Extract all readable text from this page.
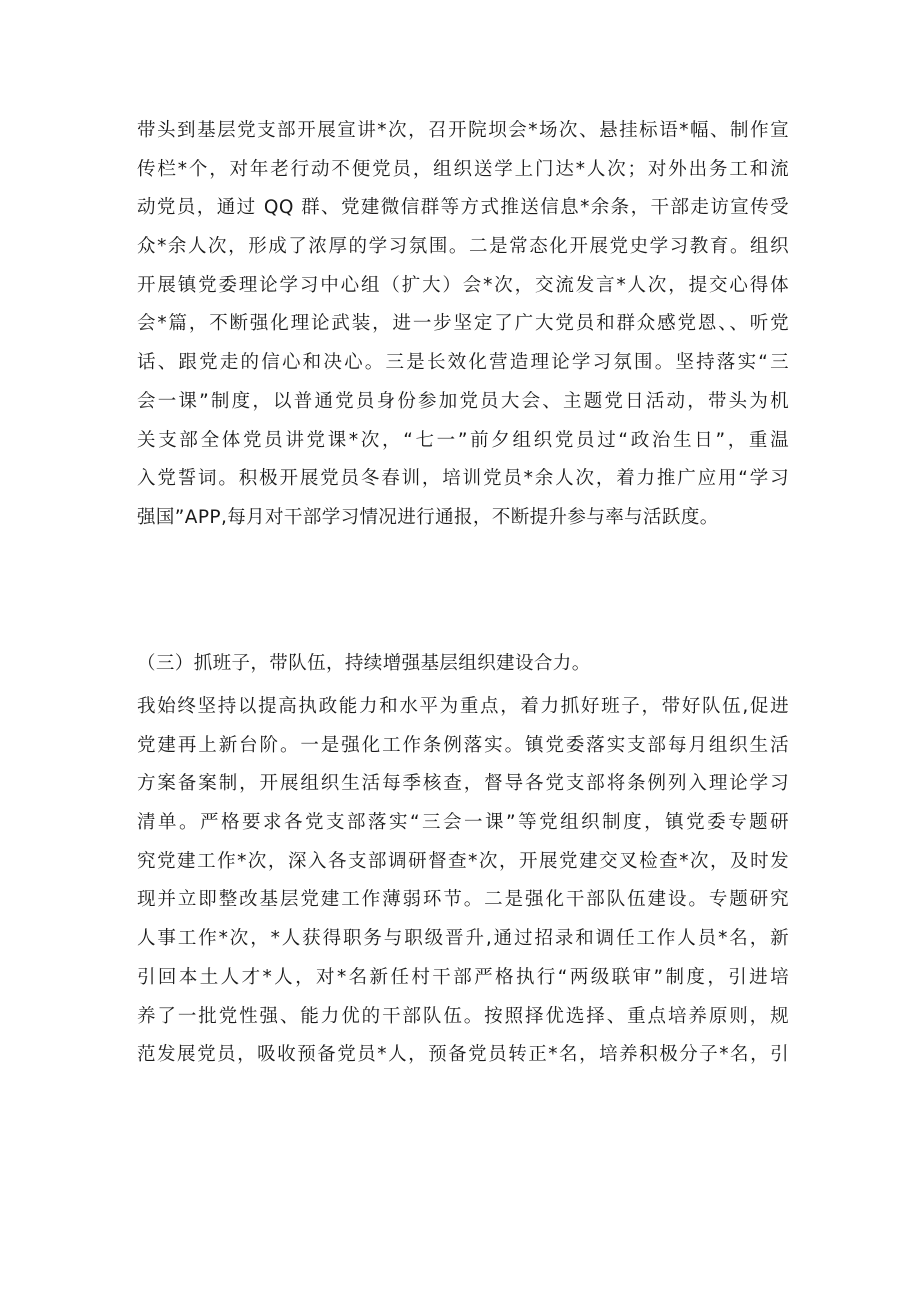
带头到基层党支部开展宣讲*次，召开院坝会*场次、悬挂标语*幅、制作宣
传栏*个，对年老行动不便党员，组织送学上门达*人次；对外出务工和流
动党员，通过 QQ 群、党建微信群等方式推送信息*余条，干部走访宣传受
众*余人次，形成了浓厚的学习氛围。二是常态化开展党史学习教育。组织
开展镇党委理论学习中心组（扩大）会*次，交流发言*人次，提交心得体
会*篇，不断强化理论武装，进一步坚定了广大党员和群众感党恩、、听党
话、跟党走的信心和决心。三是长效化营造理论学习氛围。坚持落实“三
会一课”制度，以普通党员身份参加党员大会、主题党日活动，带头为机
关支部全体党员讲党课*次，“七一”前夕组织党员过“政治生日”，重温
入党誓词。积极开展党员冬春训，培训党员*余人次，着力推广应用“学习
强国”APP,每月对干部学习情况进行通报，不断提升参与率与活跃度。
（三）抓班子，带队伍，持续增强基层组织建设合力。
我始终坚持以提高执政能力和水平为重点，着力抓好班子，带好队伍,促进
党建再上新台阶。一是强化工作条例落实。镇党委落实支部每月组织生活
方案备案制，开展组织生活每季核查，督导各党支部将条例列入理论学习
清单。严格要求各党支部落实“三会一课”等党组织制度，镇党委专题研
究党建工作*次，深入各支部调研督查*次，开展党建交叉检查*次，及时发
现并立即整改基层党建工作薄弱环节。二是强化干部队伍建设。专题研究
人事工作*次，*人获得职务与职级晋升,通过招录和调任工作人员*名，新
引回本土人才*人，对*名新任村干部严格执行“两级联审”制度，引进培
养了一批党性强、能力优的干部队伍。按照择优选择、重点培养原则，规
范发展党员，吸收预备党员*人，预备党员转正*名，培养积极分子*名，引
